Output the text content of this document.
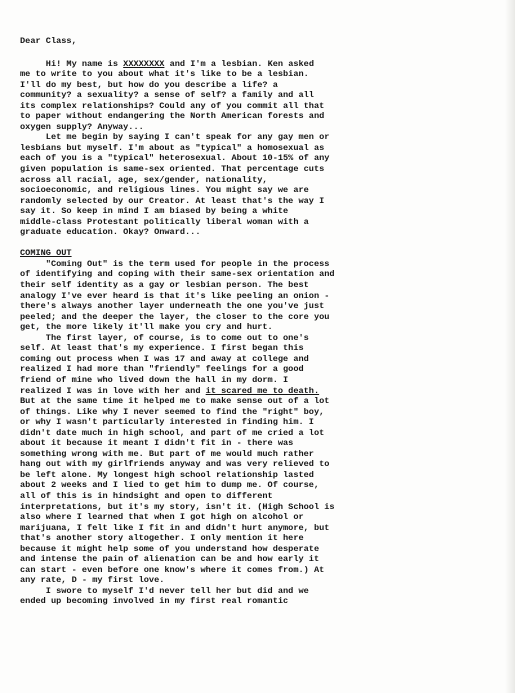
Dear Class,
Hi! My name is XXXXXXXX and I'm a lesbian. Ken asked
me to write to you about what it's like to be a lesbian.
I'll do my best, but how do you describe a life? a
community? a sexuality? a sense of self? a family and all
its complex relationships? Could any of you commit all that
to paper without endangering the North American forests and
oxygen supply? Anyway...
Let me begin by saying I can't speak for any gay men or
lesbians but myself. I'm about as "typical" a homosexual as
each of you is a "typical" heterosexual. About 10-15% of any
given population is same-sex oriented. That percentage cuts
across all racial, age, sex/gender, nationality,
socioeconomic, and religious lines. You might say we are
randomly selected by our Creator. At least that's the way I
say it. So keep in mind I am biased by being a white
middle-class Protestant politically liberal woman with a
graduate education. Okay? Onward...
COMING OUT
"Coming Out" is the term used for people in the process
of identifying and coping with their same-sex orientation and
their self identity as a gay or lesbian person. The best
analogy I've ever heard is that it's like peeling an onion -
there's always another layer underneath the one you've just
peeled; and the deeper the layer, the closer to the core you
get, the more likely it'll make you cry and hurt.
The first layer, of course, is to come out to one's
self. At least that's my experience. I first began this
coming out process when I was 17 and away at college and
realized I had more than "friendly" feelings for a good
friend of mine who lived down the hall in my dorm. I
realized I was in love with her and it scared me to death.
But at the same time it helped me to make sense out of a lot
of things. Like why I never seemed to find the "right" boy,
or why I wasn't particularly interested in finding him. I
didn't date much in high school, and part of me cried a lot
about it because it meant I didn't fit in - there was
something wrong with me. But part of me would much rather
hang out with my girlfriends anyway and was very relieved to
be left alone. My longest high school relationship lasted
about 2 weeks and I lied to get him to dump me. Of course,
all of this is in hindsight and open to different
interpretations, but it's my story, isn't it. (High School is
also where I learned that when I got high on alcohol or
marijuana, I felt like I fit in and didn't hurt anymore, but
that's another story altogether. I only mention it here
because it might help some of you understand how desperate
and intense the pain of alienation can be and how early it
can start - even before one know's where it comes from.) At
any rate, D - my first love.
I swore to myself I'd never tell her but did and we
ended up becoming involved in my first real romantic
